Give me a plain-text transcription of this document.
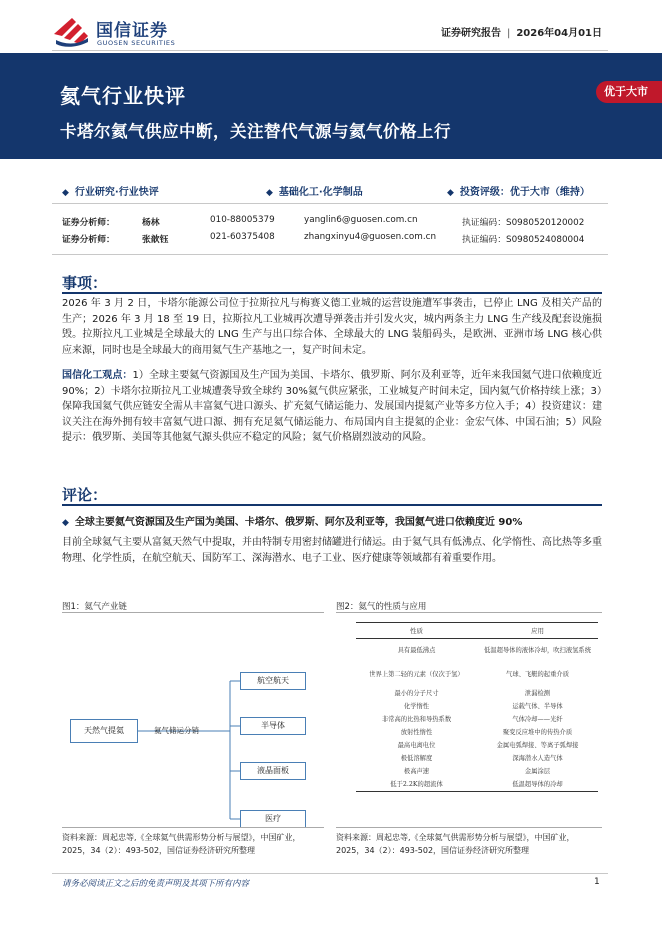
国信证券
GUOSEN SECURITIES
证券研究报告 | 2026年04月01日
氦气行业快评
卡塔尔氦气供应中断，关注替代气源与氦气价格上行
优于大市
◆ 行业研究·行业快评	◆ 基础化工·化学制品	◆ 投资评级：优于大市（维持）
证券分析师：	杨林	010-88005379	yanglin6@guosen.com.cn	执证编码：S0980520120002
证券分析师：	张歆钰	021-60375408	zhangxinyu4@guosen.com.cn	执证编码：S0980524080004
事项：
2026 年 3 月 2 日，卡塔尔能源公司位于拉斯拉凡与梅赛义德工业城的运营设施遭军事袭击，已停止 LNG 及相关产品的生产；2026 年 3 月 18 至 19 日，拉斯拉凡工业城再次遭导弹袭击并引发火灾，城内两条主力 LNG 生产线及配套设施损毁。拉斯拉凡工业城是全球最大的 LNG 生产与出口综合体、全球最大的 LNG 装船码头，是欧洲、亚洲市场 LNG 核心供应来源，同时也是全球最大的商用氦气生产基地之一，复产时间未定。
国信化工观点：1）全球主要氦气资源国及生产国为美国、卡塔尔、俄罗斯、阿尔及利亚等，近年来我国氦气进口依赖度近 90%；2）卡塔尔拉斯拉凡工业城遭袭导致全球约 30%氦气供应紧张，工业城复产时间未定，国内氦气价格持续上涨；3）保障我国氦气供应链安全需从丰富氦气进口源头、扩充氦气储运能力、发展国内提氦产业等多方位入手；4）投资建议：建议关注在海外拥有较丰富氦气进口源、拥有充足氦气储运能力、布局国内自主提氦的企业：金宏气体、中国石油；5）风险提示：俄罗斯、美国等其他氦气源头供应不稳定的风险；氦气价格剧烈波动的风险。
评论：
◆ 全球主要氦气资源国及生产国为美国、卡塔尔、俄罗斯、阿尔及利亚等，我国氦气进口依赖度近 90%
目前全球氦气主要从富氦天然气中提取，并由特制专用密封储罐进行储运。由于氦气具有低沸点、化学惰性、高比热等多重物理、化学性质，在航空航天、国防军工、深海潜水、电子工业、医疗健康等领域都有着重要作用。
图1：氦气产业链
天然气提氦	氦气储运分销
航空航天
半导体
液晶面板
医疗
资料来源：周起忠等,《全球氦气供需形势分析与展望》，中国矿业，2025，34（2）：493-502，国信证券经济研究所整理
图2：氦气的性质与应用
性质	应用
具有最低沸点	低温超导体的液体冷却，吹扫液氢系统
世界上第二轻的元素（仅次于氢）	气球、飞艇的起重介质
最小的分子尺寸	泄漏检测
化学惰性	运载气体、半导体
非常高的比热和导热系数	气体冷却——光纤
放射性惰性	聚变反应堆中的传热介质
最高电离电位	金属电弧焊接、等离子弧焊接
极低溶解度	深海潜水人造气体
极高声速	金属涂层
低于2.2K的超流体	低温超导体的冷却
资料来源：周起忠等,《全球氦气供需形势分析与展望》，中国矿业，2025，34（2）：493-502，国信证券经济研究所整理
请务必阅读正文之后的免责声明及其项下所有内容	1
